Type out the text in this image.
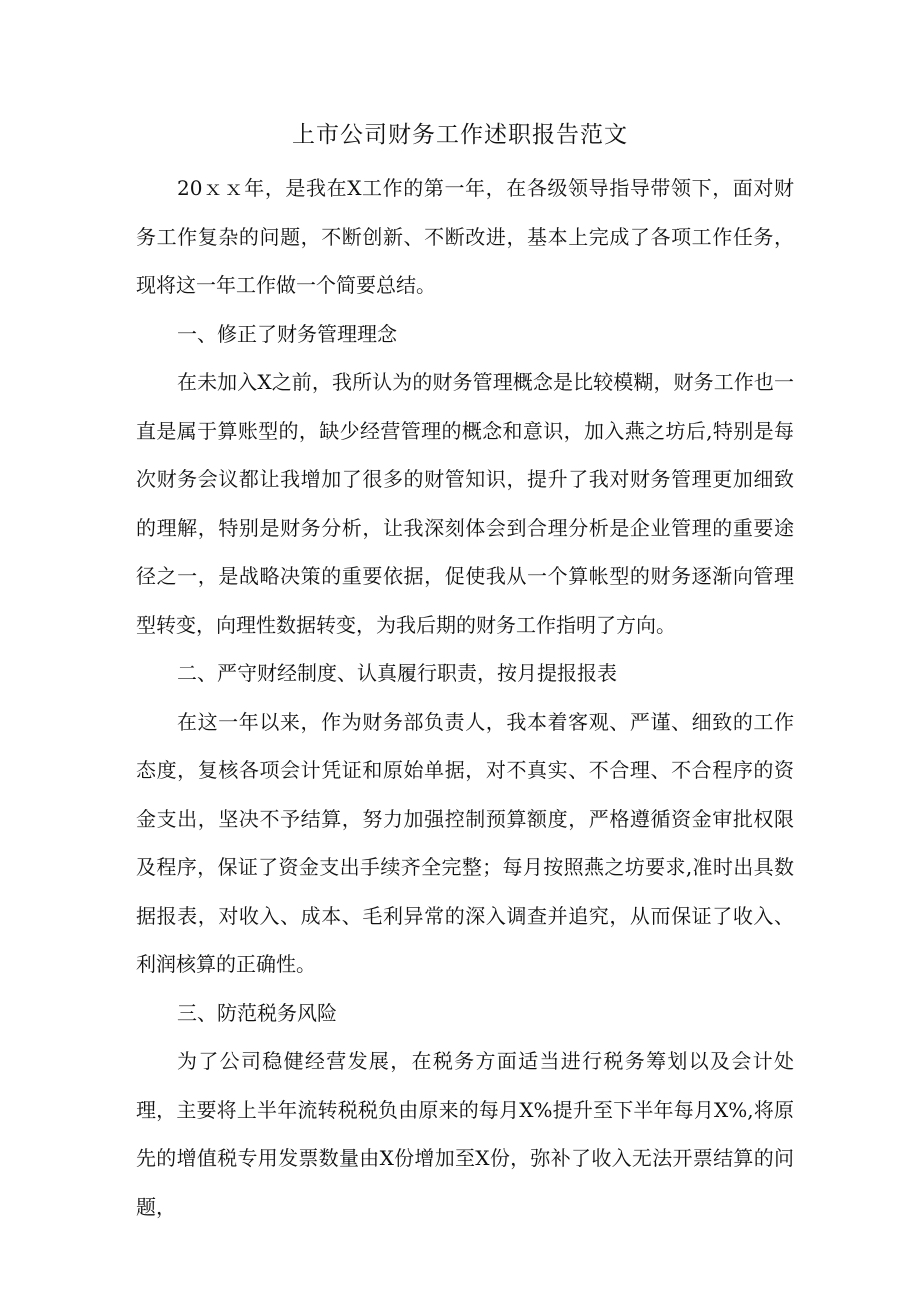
上市公司财务工作述职报告范文

20ｘｘ年，是我在X工作的第一年，在各级领导指导带领下，面对财务工作复杂的问题，不断创新、不断改进，基本上完成了各项工作任务，现将这一年工作做一个简要总结。

一、修正了财务管理理念

在未加入X之前，我所认为的财务管理概念是比较模糊，财务工作也一直是属于算账型的，缺少经营管理的概念和意识，加入燕之坊后,特别是每次财务会议都让我增加了很多的财管知识，提升了我对财务管理更加细致的理解，特别是财务分析，让我深刻体会到合理分析是企业管理的重要途径之一，是战略决策的重要依据，促使我从一个算帐型的财务逐渐向管理型转变，向理性数据转变，为我后期的财务工作指明了方向。

二、严守财经制度、认真履行职责，按月提报报表

在这一年以来，作为财务部负责人，我本着客观、严谨、细致的工作态度，复核各项会计凭证和原始单据，对不真实、不合理、不合程序的资金支出，坚决不予结算，努力加强控制预算额度，严格遵循资金审批权限及程序，保证了资金支出手续齐全完整；每月按照燕之坊要求,准时出具数据报表，对收入、成本、毛利异常的深入调查并追究，从而保证了收入、利润核算的正确性。

三、防范税务风险

为了公司稳健经营发展，在税务方面适当进行税务筹划以及会计处理，主要将上半年流转税税负由原来的每月X%提升至下半年每月X%,将原先的增值税专用发票数量由X份增加至X份，弥补了收入无法开票结算的问题，
